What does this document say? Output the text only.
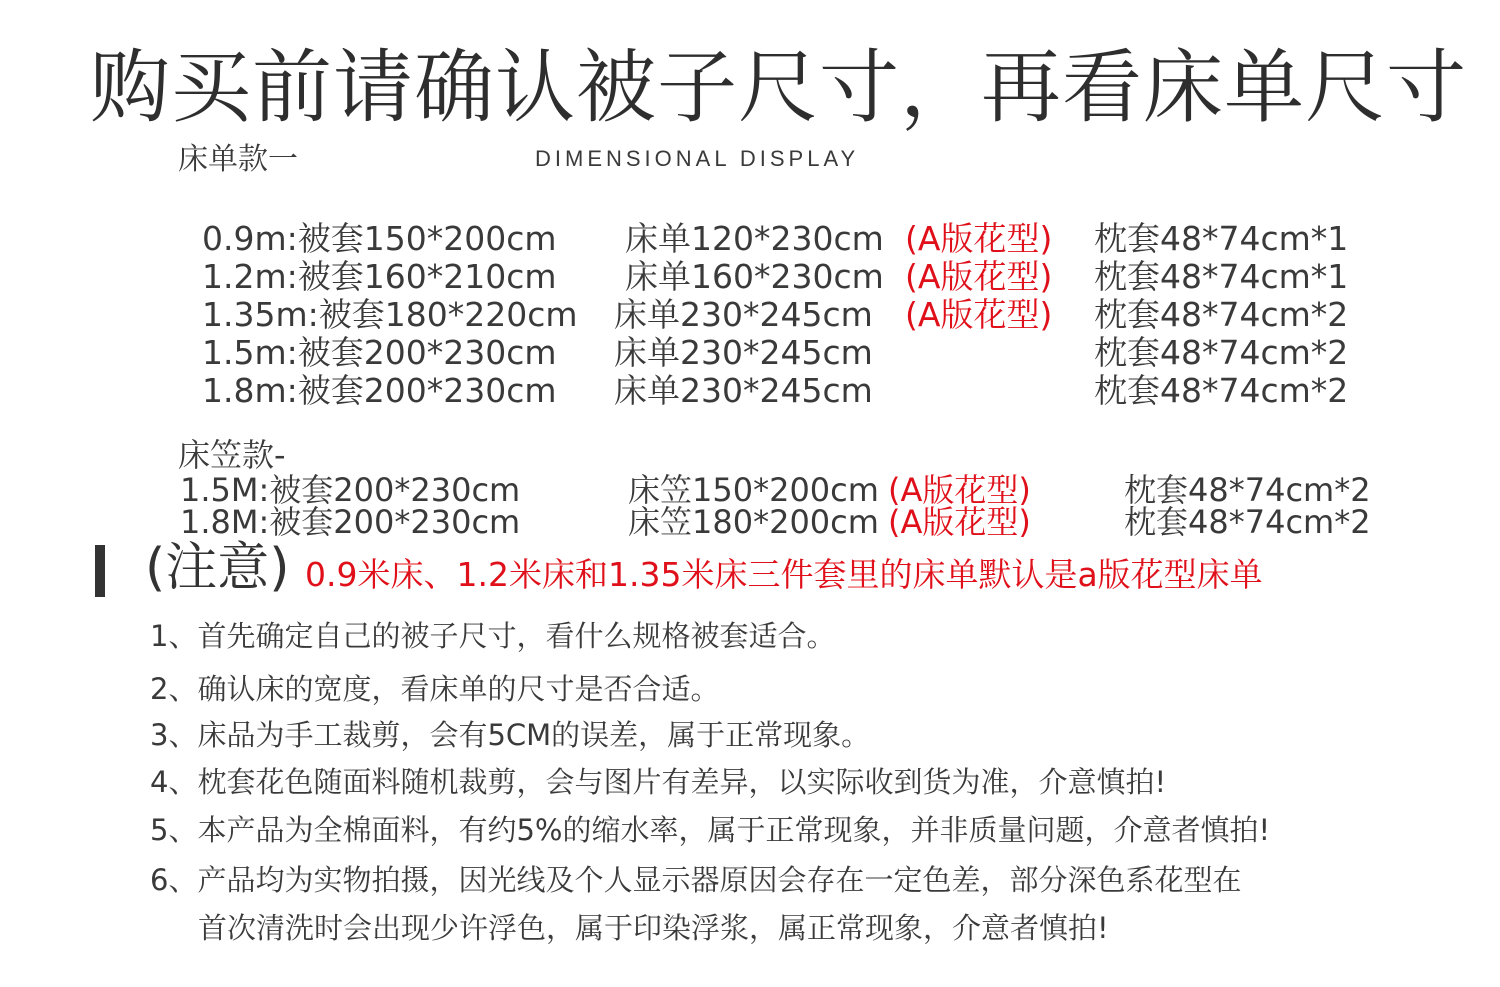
购买前请确认被子尺寸，再看床单尺寸
床单款一	DIMENSIONAL DISPLAY
0.9m:被套150*200cm 床单120*230cm (A版花型) 枕套48*74cm*1
1.2m:被套160*210cm 床单160*230cm (A版花型) 枕套48*74cm*1
1.35m:被套180*220cm 床单230*245cm (A版花型) 枕套48*74cm*2
1.5m:被套200*230cm 床单230*245cm	枕套48*74cm*2
1.8m:被套200*230cm 床单230*245cm	枕套48*74cm*2
床笠款-
1.5M:被套200*230cm	床笠150*200cm (A版花型)	枕套48*74cm*2
1.8M:被套200*230cm	床笠180*200cm (A版花型)	枕套48*74cm*2
(注意) 0.9米床、1.2米床和1.35米床三件套里的床单默认是a版花型床单
1、首先确定自己的被子尺寸，看什么规格被套适合。
2、确认床的宽度，看床单的尺寸是否合适。
3、床品为手工裁剪，会有5CM的误差，属于正常现象。
4、枕套花色随面料随机裁剪，会与图片有差异，以实际收到货为准，介意慎拍!
5、本产品为全棉面料，有约5%的缩水率，属于正常现象，并非质量问题，介意者慎拍!
6、产品均为实物拍摄，因光线及个人显示器原因会存在一定色差，部分深色系花型在
首次清洗时会出现少许浮色，属于印染浮浆，属正常现象，介意者慎拍!
